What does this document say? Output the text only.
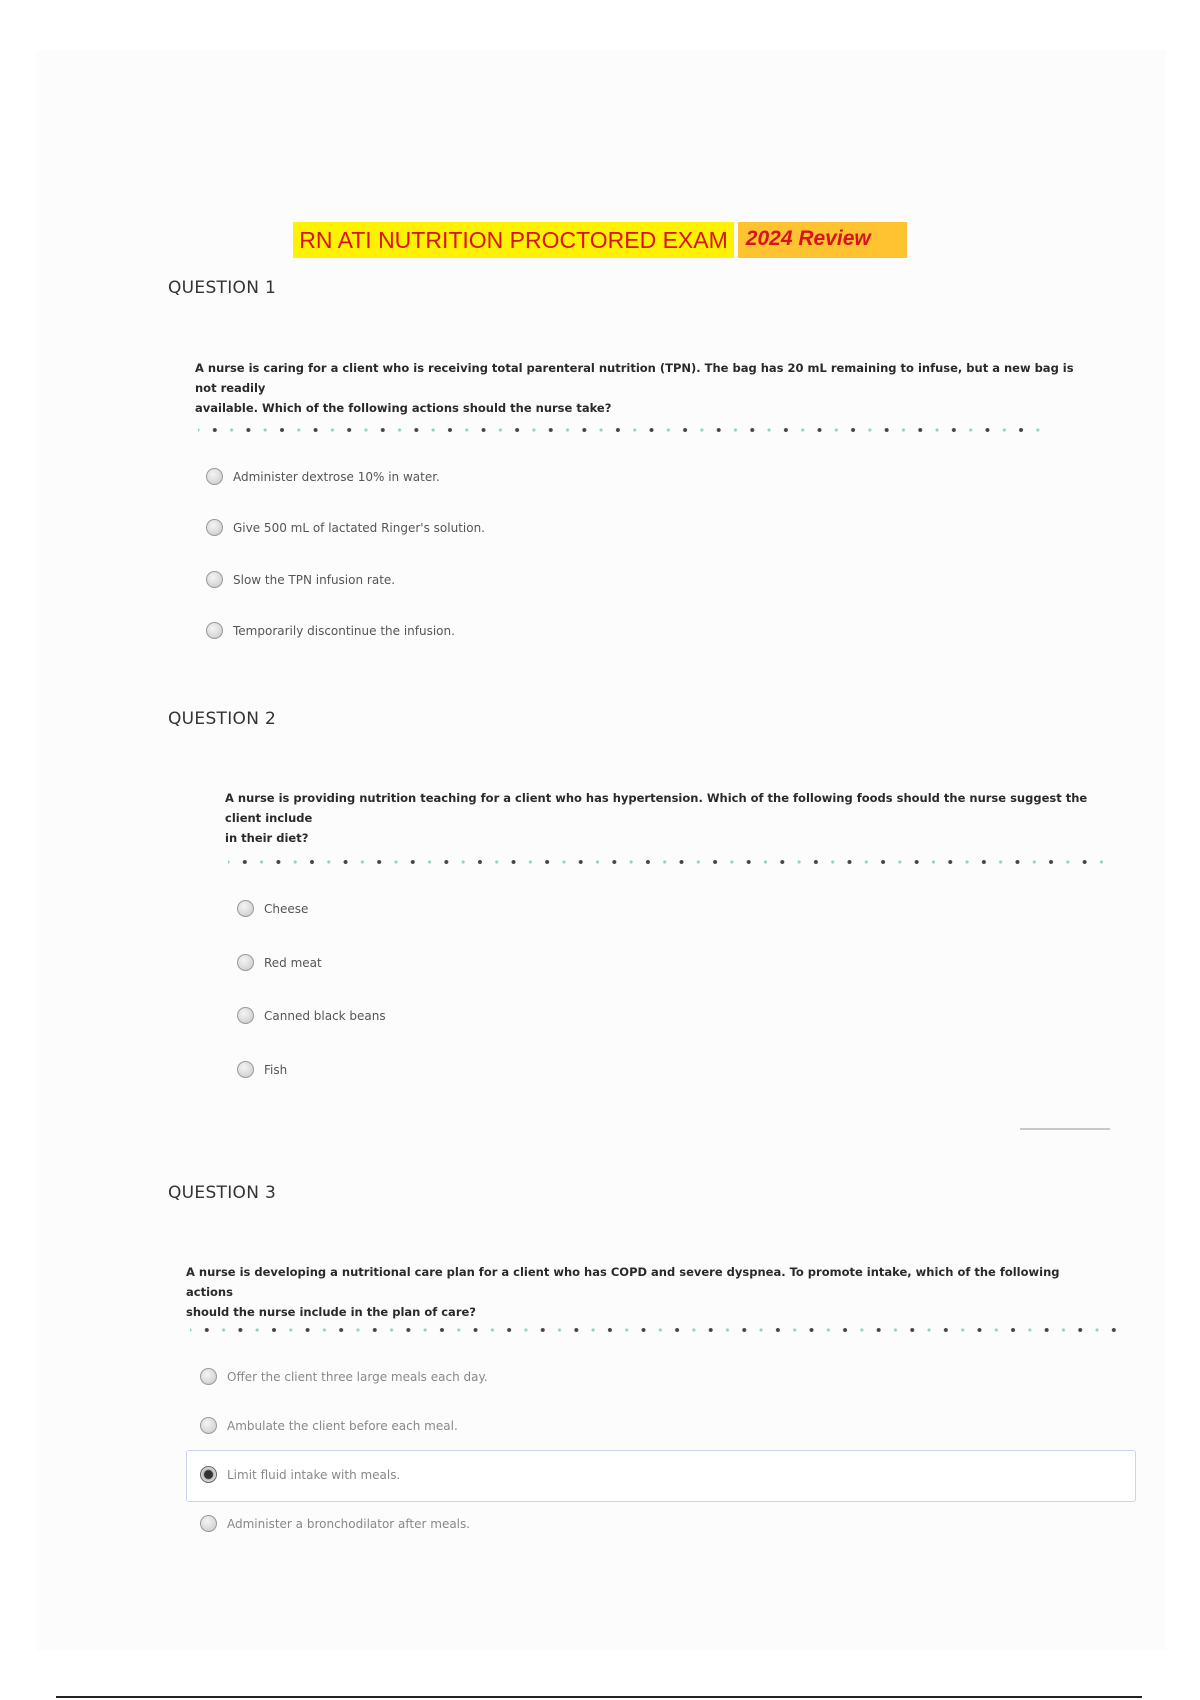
RN ATI NUTRITION PROCTORED EXAM 2024 Review
QUESTION 1
A nurse is caring for a client who is receiving total parenteral nutrition (TPN). The bag has 20 mL remaining to infuse, but a new bag is not readily
available. Which of the following actions should the nurse take?
Administer dextrose 10% in water.
Give 500 mL of lactated Ringer's solution.
Slow the TPN infusion rate.
Temporarily discontinue the infusion.
QUESTION 2
A nurse is providing nutrition teaching for a client who has hypertension. Which of the following foods should the nurse suggest the client include
in their diet?
Cheese
Red meat
Canned black beans
Fish
QUESTION 3
A nurse is developing a nutritional care plan for a client who has COPD and severe dyspnea. To promote intake, which of the following actions
should the nurse include in the plan of care?
Offer the client three large meals each day.
Ambulate the client before each meal.
Limit fluid intake with meals.
Administer a bronchodilator after meals.
